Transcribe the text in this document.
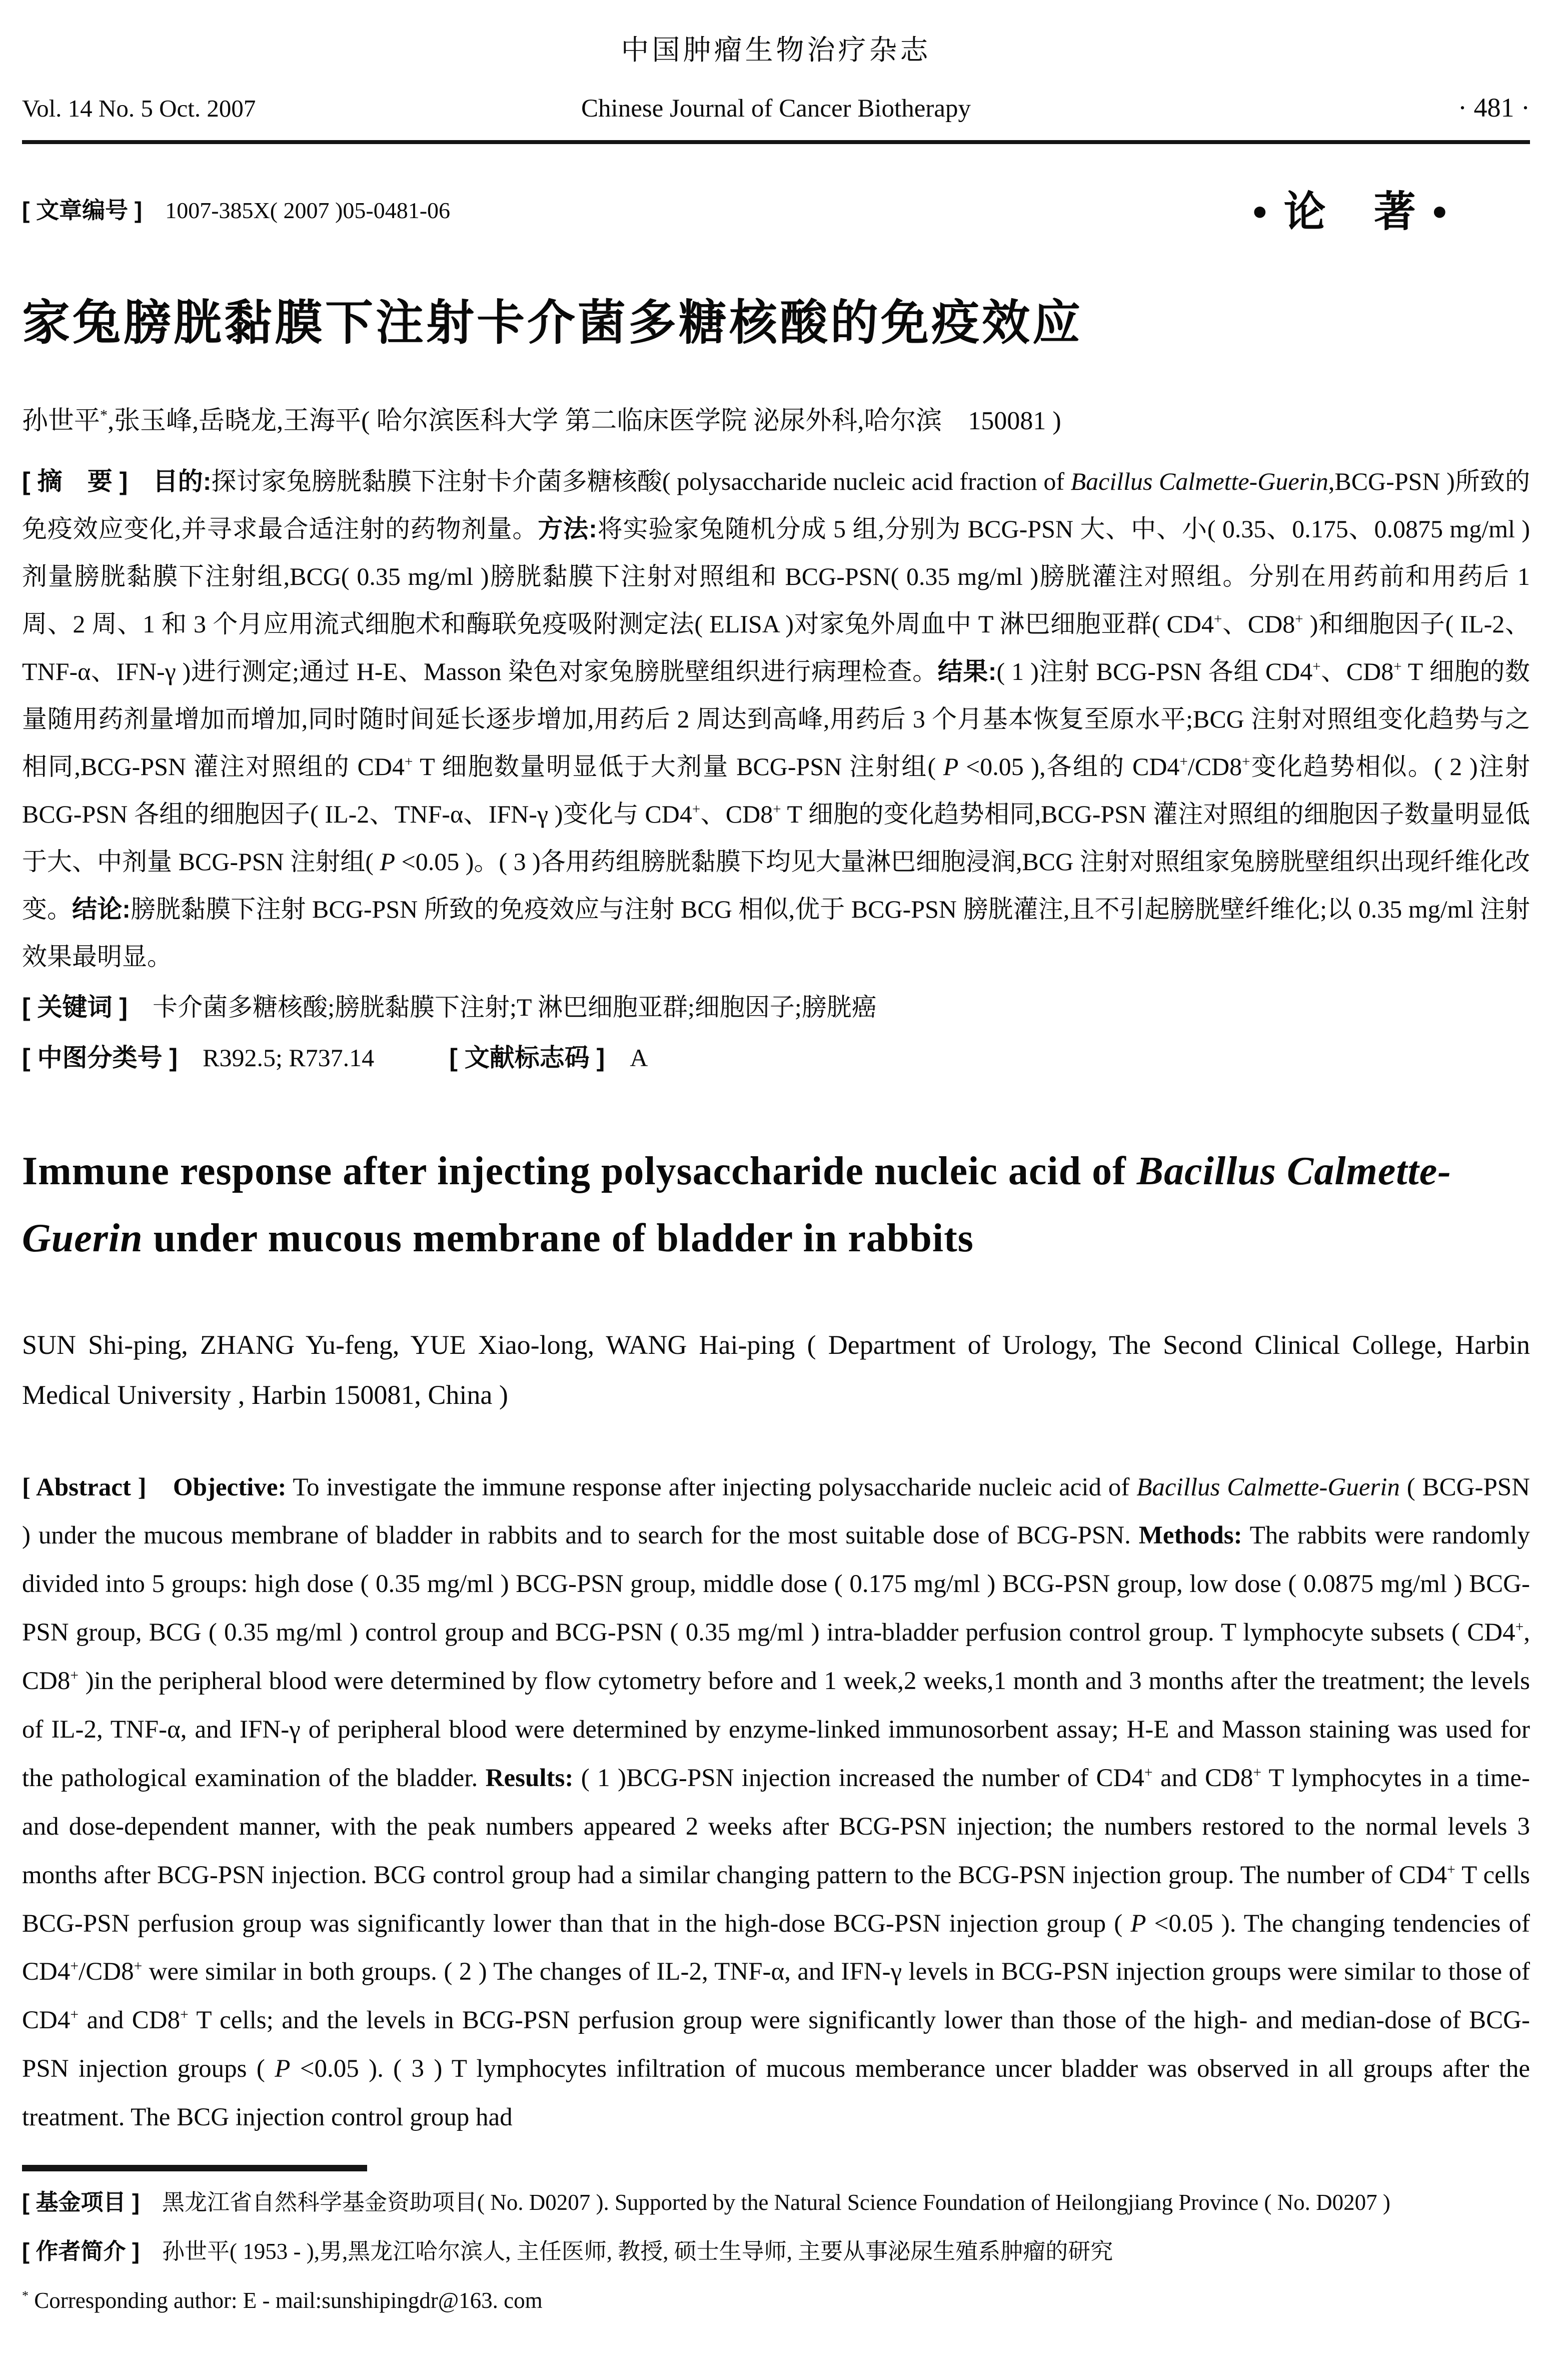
中国肿瘤生物治疗杂志
Vol. 14 No. 5 Oct. 2007	Chinese Journal of Cancer Biotherapy	· 481 ·
[ 文章编号 ]　1007-385X( 2007 )05-0481-06	• 论　著 •
家兔膀胱黏膜下注射卡介菌多糖核酸的免疫效应

孙世平*,张玉峰,岳晓龙,王海平( 哈尔滨医科大学 第二临床医学院 泌尿外科,哈尔滨　150081 )

[ 摘　要 ]　目的:探讨家兔膀胱黏膜下注射卡介菌多糖核酸( polysaccharide nucleic acid fraction of Bacillus Calmette-Guerin,BCG-PSN )所致的免疫效应变化,并寻求最合适注射的药物剂量。方法:将实验家兔随机分成 5 组,分别为 BCG-PSN 大、中、小( 0.35、0.175、0.0875 mg/ml )剂量膀胱黏膜下注射组,BCG( 0.35 mg/ml )膀胱黏膜下注射对照组和 BCG-PSN( 0.35 mg/ml )膀胱灌注对照组。分别在用药前和用药后 1 周、2 周、1 和 3 个月应用流式细胞术和酶联免疫吸附测定法( ELISA )对家兔外周血中 T 淋巴细胞亚群( CD4+、CD8+ )和细胞因子( IL-2、TNF-α、IFN-γ )进行测定;通过 H-E、Masson 染色对家兔膀胱壁组织进行病理检查。结果:( 1 )注射 BCG-PSN 各组 CD4+、CD8+ T 细胞的数量随用药剂量增加而增加,同时随时间延长逐步增加,用药后 2 周达到高峰,用药后 3 个月基本恢复至原水平;BCG 注射对照组变化趋势与之相同,BCG-PSN 灌注对照组的 CD4+ T 细胞数量明显低于大剂量 BCG-PSN 注射组( P <0.05 ),各组的 CD4+/CD8+变化趋势相似。( 2 )注射 BCG-PSN 各组的细胞因子( IL-2、TNF-α、IFN-γ )变化与 CD4+、CD8+ T 细胞的变化趋势相同,BCG-PSN 灌注对照组的细胞因子数量明显低于大、中剂量 BCG-PSN 注射组( P <0.05 )。( 3 )各用药组膀胱黏膜下均见大量淋巴细胞浸润,BCG 注射对照组家兔膀胱壁组织出现纤维化改变。结论:膀胱黏膜下注射 BCG-PSN 所致的免疫效应与注射 BCG 相似,优于 BCG-PSN 膀胱灌注,且不引起膀胱壁纤维化;以 0.35 mg/ml 注射效果最明显。

[ 关键词 ]　卡介菌多糖核酸;膀胱黏膜下注射;T 淋巴细胞亚群;细胞因子;膀胱癌

[ 中图分类号 ]　R392.5; R737.14　　　[ 文献标志码 ]　A

Immune response after injecting polysaccharide nucleic acid of Bacillus Calmette-
Guerin under mucous membrane of bladder in rabbits

SUN Shi-ping, ZHANG Yu-feng, YUE Xiao-long, WANG Hai-ping ( Department of Urology, The Second Clinical College, Harbin Medical University , Harbin 150081, China )

[ Abstract ]　Objective: To investigate the immune response after injecting polysaccharide nucleic acid of Bacillus Calmette-Guerin ( BCG-PSN ) under the mucous membrane of bladder in rabbits and to search for the most suitable dose of BCG-PSN. Methods: The rabbits were randomly divided into 5 groups: high dose ( 0.35 mg/ml ) BCG-PSN group, middle dose ( 0.175 mg/ml ) BCG-PSN group, low dose ( 0.0875 mg/ml ) BCG-PSN group, BCG ( 0.35 mg/ml ) control group and BCG-PSN ( 0.35 mg/ml ) intra-bladder perfusion control group. T lymphocyte subsets ( CD4+, CD8+ )in the peripheral blood were determined by flow cytometry before and 1 week,2 weeks,1 month and 3 months after the treatment; the levels of IL-2, TNF-α, and IFN-γ of peripheral blood were determined by enzyme-linked immunosorbent assay; H-E and Masson staining was used for the pathological examination of the bladder. Results: ( 1 )BCG-PSN injection increased the number of CD4+ and CD8+ T lymphocytes in a time- and dose-dependent manner, with the peak numbers appeared 2 weeks after BCG-PSN injection; the numbers restored to the normal levels 3 months after BCG-PSN injection. BCG control group had a similar changing pattern to the BCG-PSN injection group. The number of CD4+ T cells BCG-PSN perfusion group was significantly lower than that in the high-dose BCG-PSN injection group ( P <0.05 ). The changing tendencies of CD4+/CD8+ were similar in both groups. ( 2 ) The changes of IL-2, TNF-α, and IFN-γ levels in BCG-PSN injection groups were similar to those of CD4+ and CD8+ T cells; and the levels in BCG-PSN perfusion group were significantly lower than those of the high- and median-dose of BCG-PSN injection groups ( P <0.05 ). ( 3 ) T lymphocytes infiltration of mucous memberance uncer bladder was observed in all groups after the treatment. The BCG injection control group had

[ 基金项目 ]　黑龙江省自然科学基金资助项目( No. D0207 ). Supported by the Natural Science Foundation of Heilongjiang Province ( No. D0207 )

[ 作者简介 ]　孙世平( 1953 - ),男,黑龙江哈尔滨人, 主任医师, 教授, 硕士生导师, 主要从事泌尿生殖系肿瘤的研究

* Corresponding author: E - mail:sunshipingdr@163. com
